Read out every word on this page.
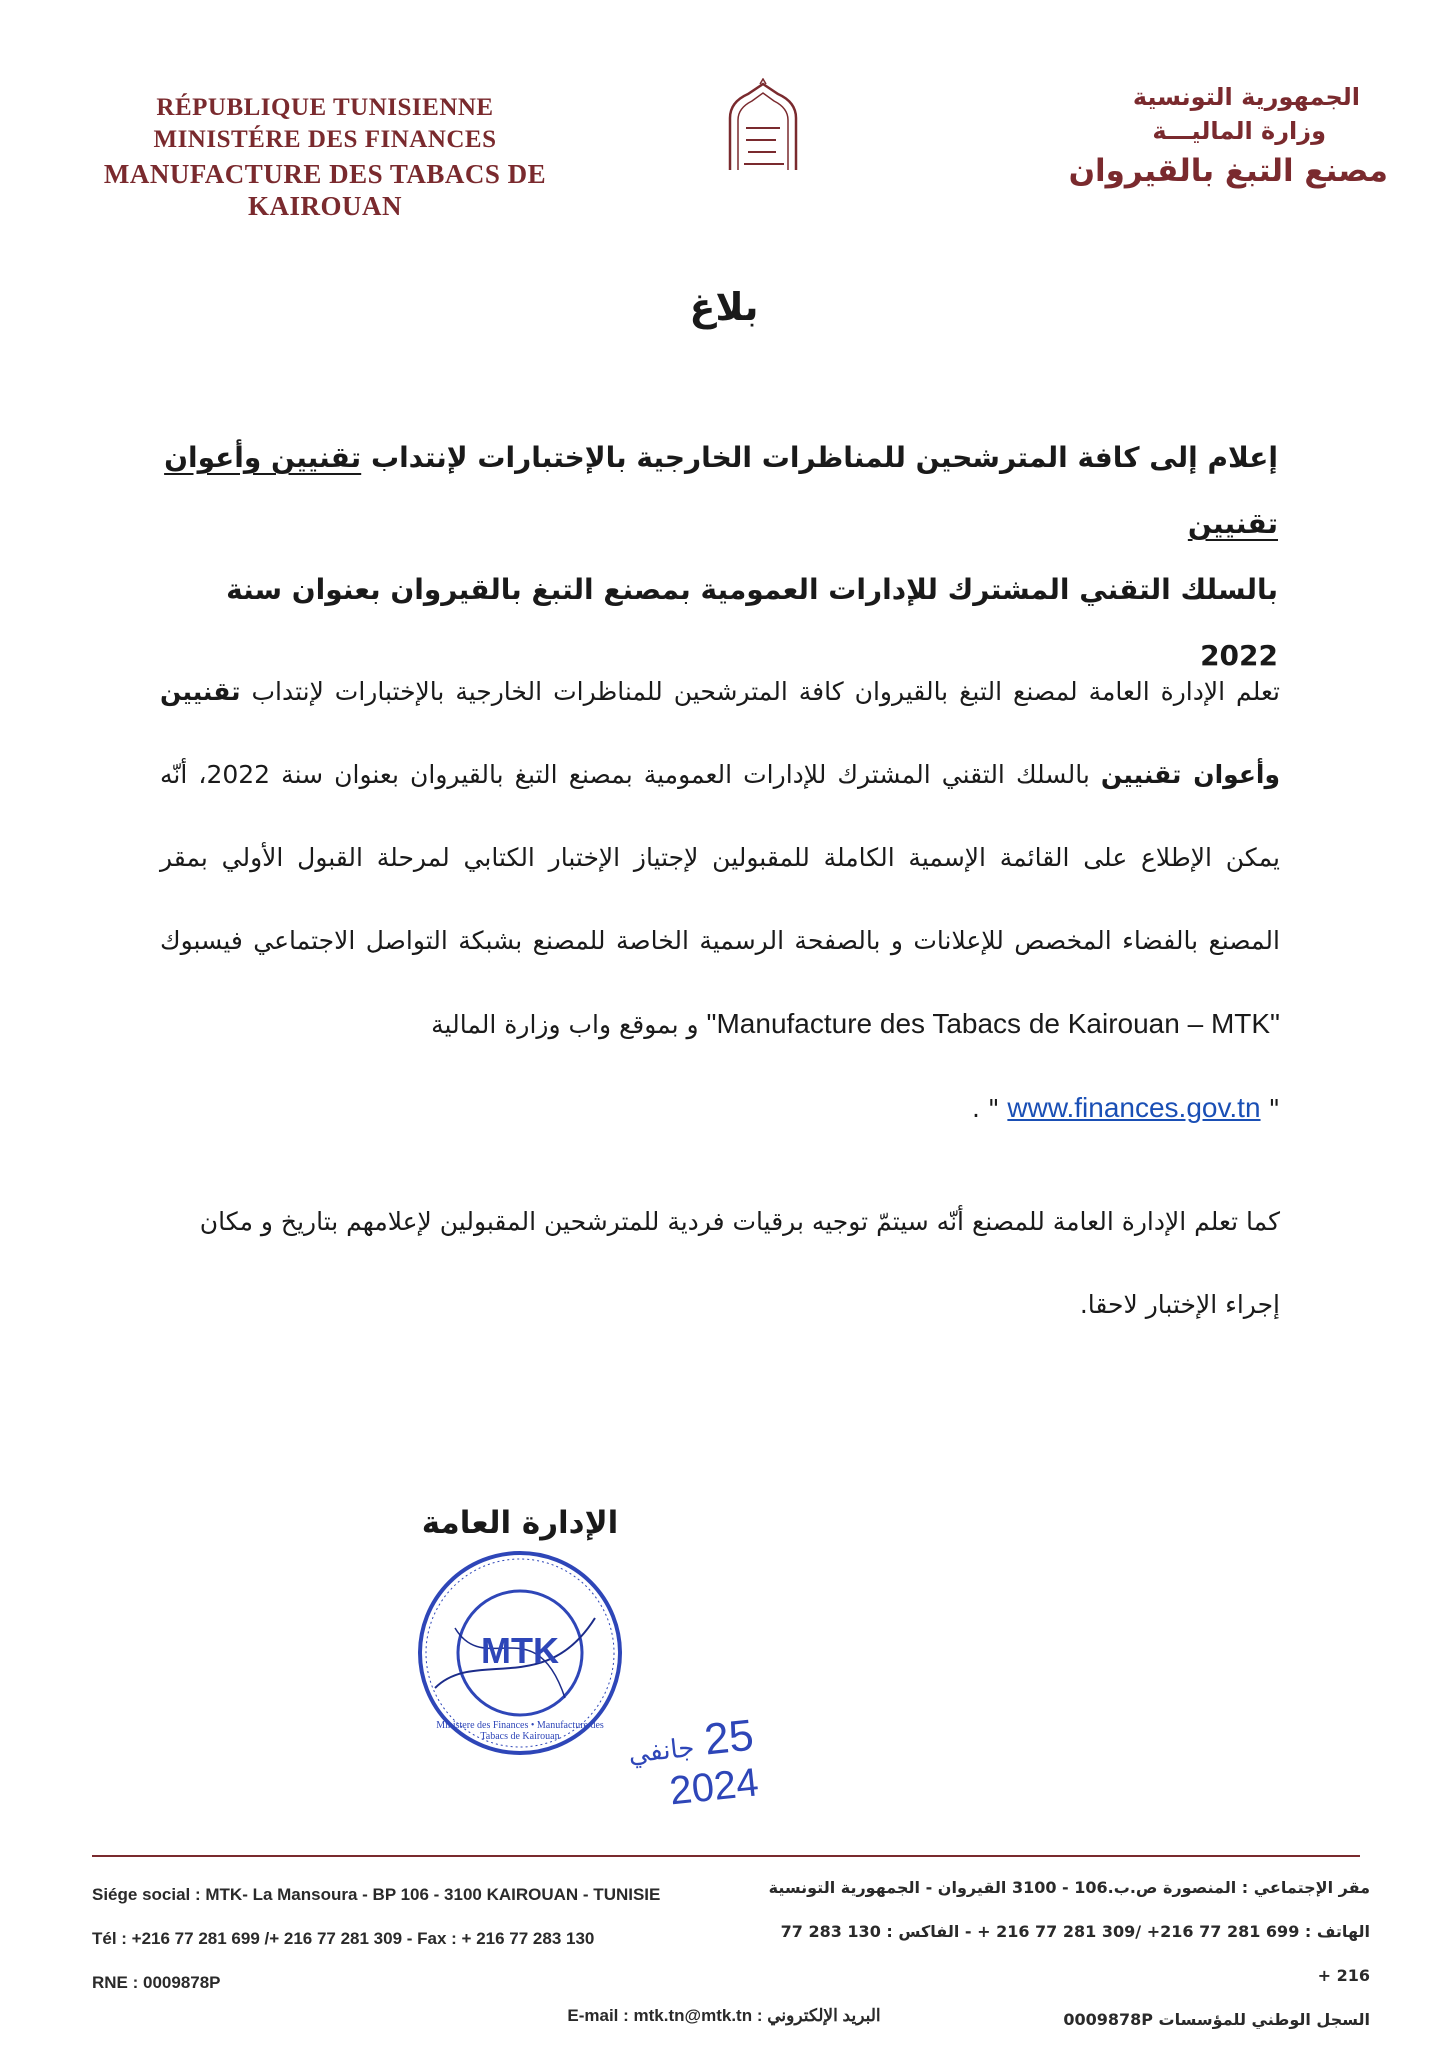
RÉPUBLIQUE TUNISIENNE
MINISTÉRE DES FINANCES
MANUFACTURE DES TABACS DE KAIROUAN
الجمهورية التونسية
وزارة الماليـــة
مصنع التبغ بالقيروان
بلاغ
إعلام إلى كافة المترشحين للمناظرات الخارجية بالإختبارات لإنتداب تقنيين وأعوان تقنيين
بالسلك التقني المشترك للإدارات العمومية بمصنع التبغ بالقيروان بعنوان سنة 2022
تعلم الإدارة العامة لمصنع التبغ بالقيروان كافة المترشحين للمناظرات الخارجية بالإختبارات لإنتداب تقنيين وأعوان تقنيين بالسلك التقني المشترك للإدارات العمومية بمصنع التبغ بالقيروان بعنوان سنة 2022، أنّه يمكن الإطلاع على القائمة الإسمية الكاملة للمقبولين لإجتياز الإختبار الكتابي لمرحلة القبول الأولي بمقر المصنع بالفضاء المخصص للإعلانات و بالصفحة الرسمية الخاصة للمصنع بشبكة التواصل الاجتماعي فيسبوك "Manufacture des Tabacs de Kairouan – MTK" و بموقع واب وزارة المالية
" www.finances.gov.tn " .
كما تعلم الإدارة العامة للمصنع أنّه سيتمّ توجيه برقيات فردية للمترشحين المقبولين لإعلامهم بتاريخ و مكان إجراء الإختبار لاحقا.
الإدارة العامة
MTK
Ministere des Finances • Manufacture des Tabacs de Kairouan	25 جانفي 2024
Siége social : MTK- La Mansoura - BP 106 - 3100 KAIROUAN - TUNISIE
Tél : +216 77 281 699 /+ 216 77 281 309 - Fax : + 216 77 283 130
RNE : 0009878P
مقر الإجتماعي : المنصورة ص.ب.106 - 3100 القيروان - الجمهورية التونسية
الهاتف : 699 281 77 216+ /309 281 77 216 + - الفاكس : 130 283 77 216 +
السجل الوطني للمؤسسات 0009878P
E-mail : mtk.tn@mtk.tn : البريد الإلكتروني
